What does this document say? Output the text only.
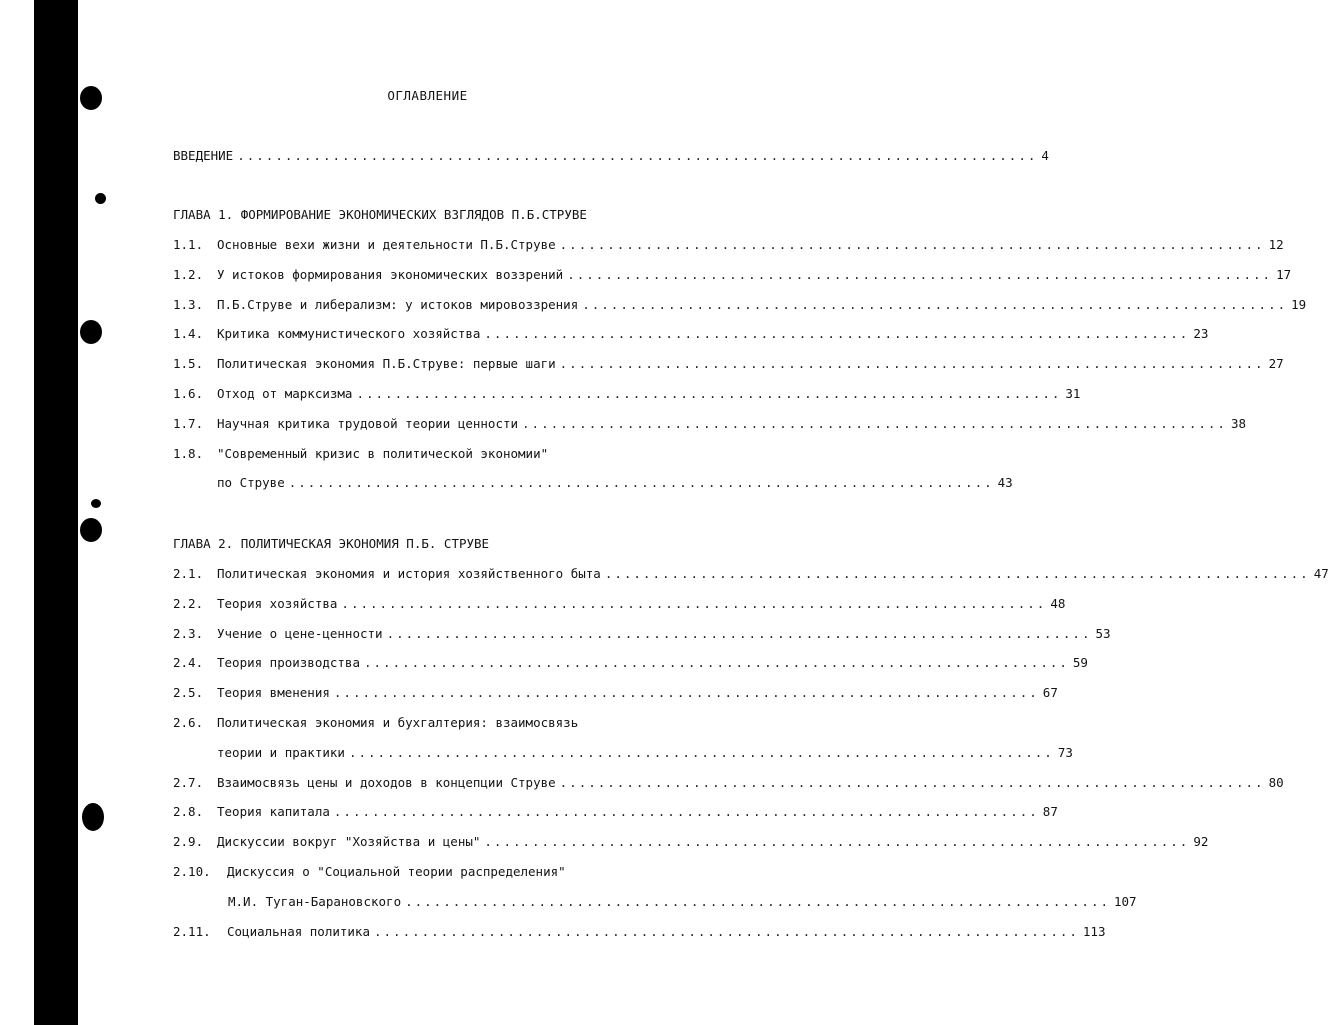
ОГЛАВЛЕНИЕ
ВВЕДЕНИЕ .................................................................................... 4
ГЛАВА 1. ФОРМИРОВАНИЕ ЭКОНОМИЧЕСКИХ ВЗГЛЯДОВ П.Б.СТРУВЕ
1.1.	Основные вехи жизни и деятельности П.Б.Струве .......................................................................... 12
1.2.	У истоков формирования экономических воззрений .......................................................................... 17
1.3.	П.Б.Струве и либерализм: у истоков мировоззрения .......................................................................... 19
1.4.	Критика коммунистического хозяйства .......................................................................... 23
1.5.	Политическая экономия П.Б.Струве: первые шаги .......................................................................... 27
1.6.	Отход от марксизма .......................................................................... 31
1.7.	Научная критика трудовой теории ценности .......................................................................... 38
1.8.	"Современный кризис в политической экономии"
по Струве .......................................................................... 43
ГЛАВА 2. ПОЛИТИЧЕСКАЯ ЭКОНОМИЯ П.Б. СТРУВЕ
2.1.	Политическая экономия и история хозяйственного быта .......................................................................... 47
2.2.	Теория хозяйства .......................................................................... 48
2.3.	Учение о цене-ценности .......................................................................... 53
2.4.	Теория производства .......................................................................... 59
2.5.	Теория вменения .......................................................................... 67
2.6.	Политическая экономия и бухгалтерия: взаимосвязь
теории и практики .......................................................................... 73
2.7.	Взаимосвязь цены и доходов в концепции Струве .......................................................................... 80
2.8.	Теория капитала .......................................................................... 87
2.9.	Дискуссии вокруг "Хозяйства и цены" .......................................................................... 92
2.10.	Дискуссия о "Социальной теории распределения"
М.И. Туган-Барановского .......................................................................... 107
2.11.	Социальная политика .......................................................................... 113
